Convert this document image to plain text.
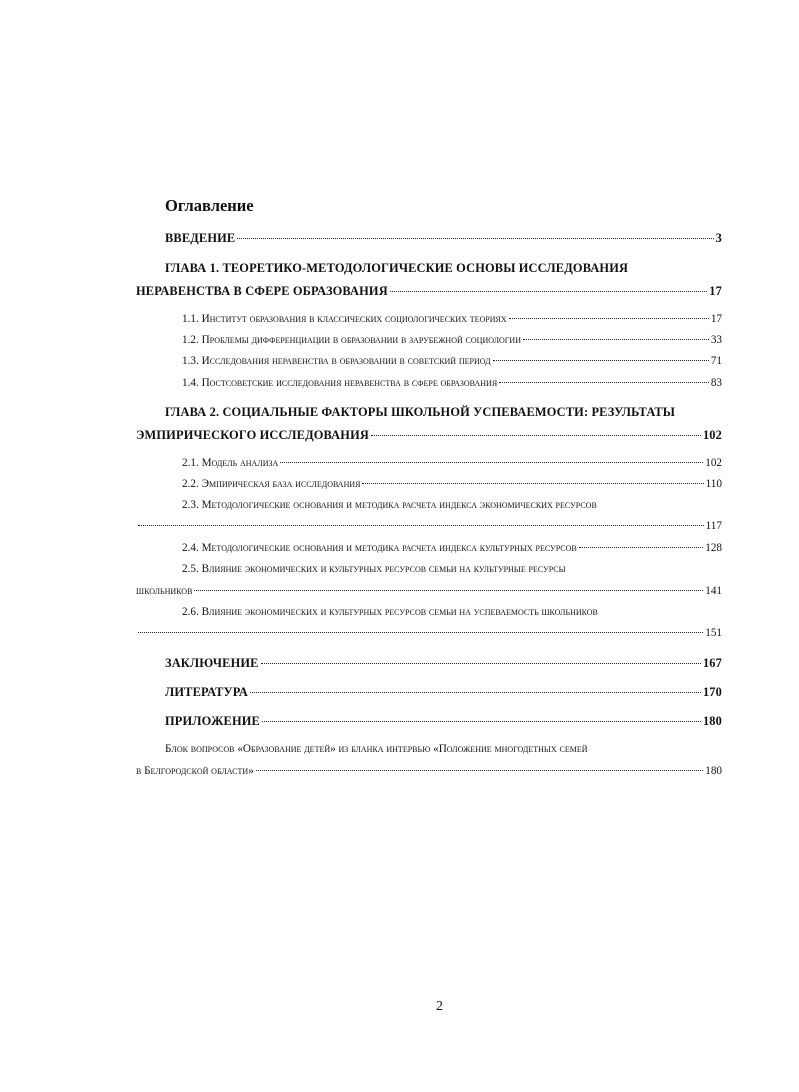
Оглавление
ВВЕДЕНИЕ	3
ГЛАВА 1. ТЕОРЕТИКО-МЕТОДОЛОГИЧЕСКИЕ ОСНОВЫ ИССЛЕДОВАНИЯ
НЕРАВЕНСТВА В СФЕРЕ ОБРАЗОВАНИЯ	17
1.1. Институт образования в классических социологических теориях	17
1.2. Проблемы дифференциации в образовании в зарубежной социологии	33
1.3. Исследования неравенства в образовании в советский период	71
1.4. Постсоветские исследования неравенства в сфере образования	83
ГЛАВА 2. СОЦИАЛЬНЫЕ ФАКТОРЫ ШКОЛЬНОЙ УСПЕВАЕМОСТИ: РЕЗУЛЬТАТЫ
ЭМПИРИЧЕСКОГО ИССЛЕДОВАНИЯ	102
2.1. Модель анализа	102
2.2. Эмпирическая база исследования	110
2.3. Методологические основания и методика расчета индекса экономических ресурсов
117
2.4. Методологические основания и методика расчета индекса культурных ресурсов	128
2.5. Влияние экономических и культурных ресурсов семьи на культурные ресурсы
школьников	141
2.6. Влияние экономических и культурных ресурсов семьи на успеваемость школьников
151
ЗАКЛЮЧЕНИЕ	167
ЛИТЕРАТУРА	170
ПРИЛОЖЕНИЕ	180
Блок вопросов «Образование детей» из бланка интервью «Положение многодетных семей
в Белгородской области»	180
2
